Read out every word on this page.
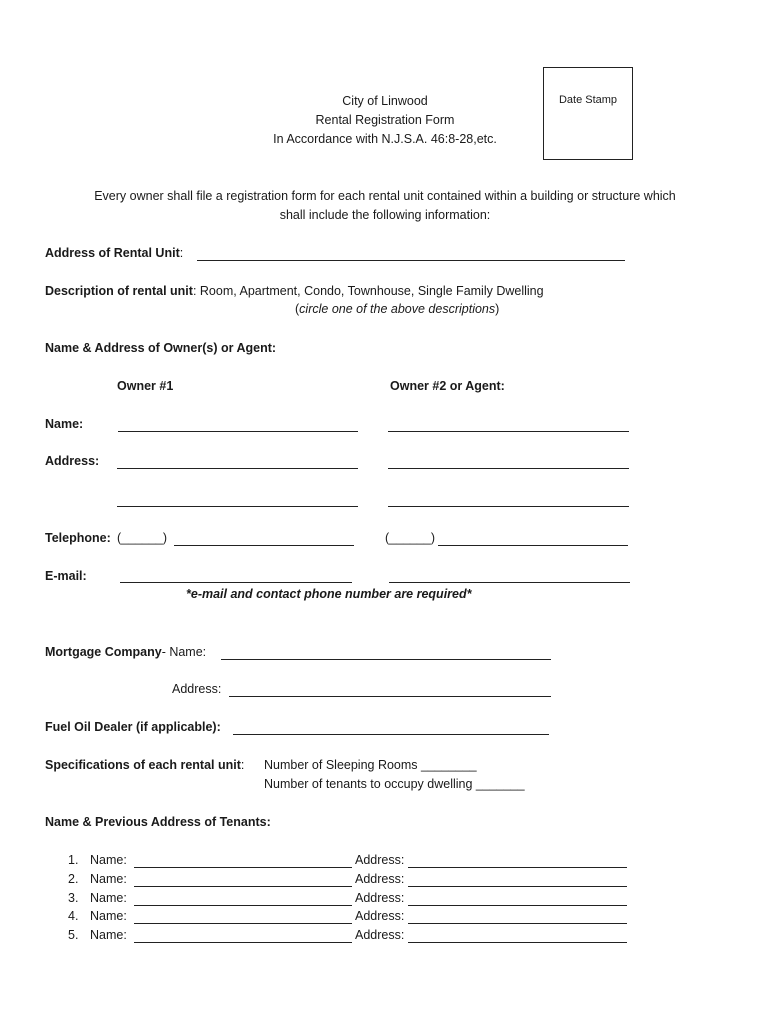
City of Linwood
Rental Registration Form
In Accordance with N.J.S.A. 46:8-28,etc.
Date Stamp
Every owner shall file a registration form for each rental unit contained within a building or structure which
shall include the following information:
Address of Rental Unit:
Description of rental unit: Room, Apartment, Condo, Townhouse, Single Family Dwelling
(circle one of the above descriptions)
Name & Address of Owner(s) or Agent:
Owner #1	Owner #2 or Agent:
Name:
Address:
Telephone: (______)	(______)
E-mail:
*e-mail and contact phone number are required*
Mortgage Company- Name:
Address:
Fuel Oil Dealer (if applicable):
Specifications of each rental unit: Number of Sleeping Rooms ________
Number of tenants to occupy dwelling _______
Name & Previous Address of Tenants:
1. Name:	Address:
2. Name:	Address:
3. Name:	Address:
4. Name:	Address:
5. Name:	Address:
